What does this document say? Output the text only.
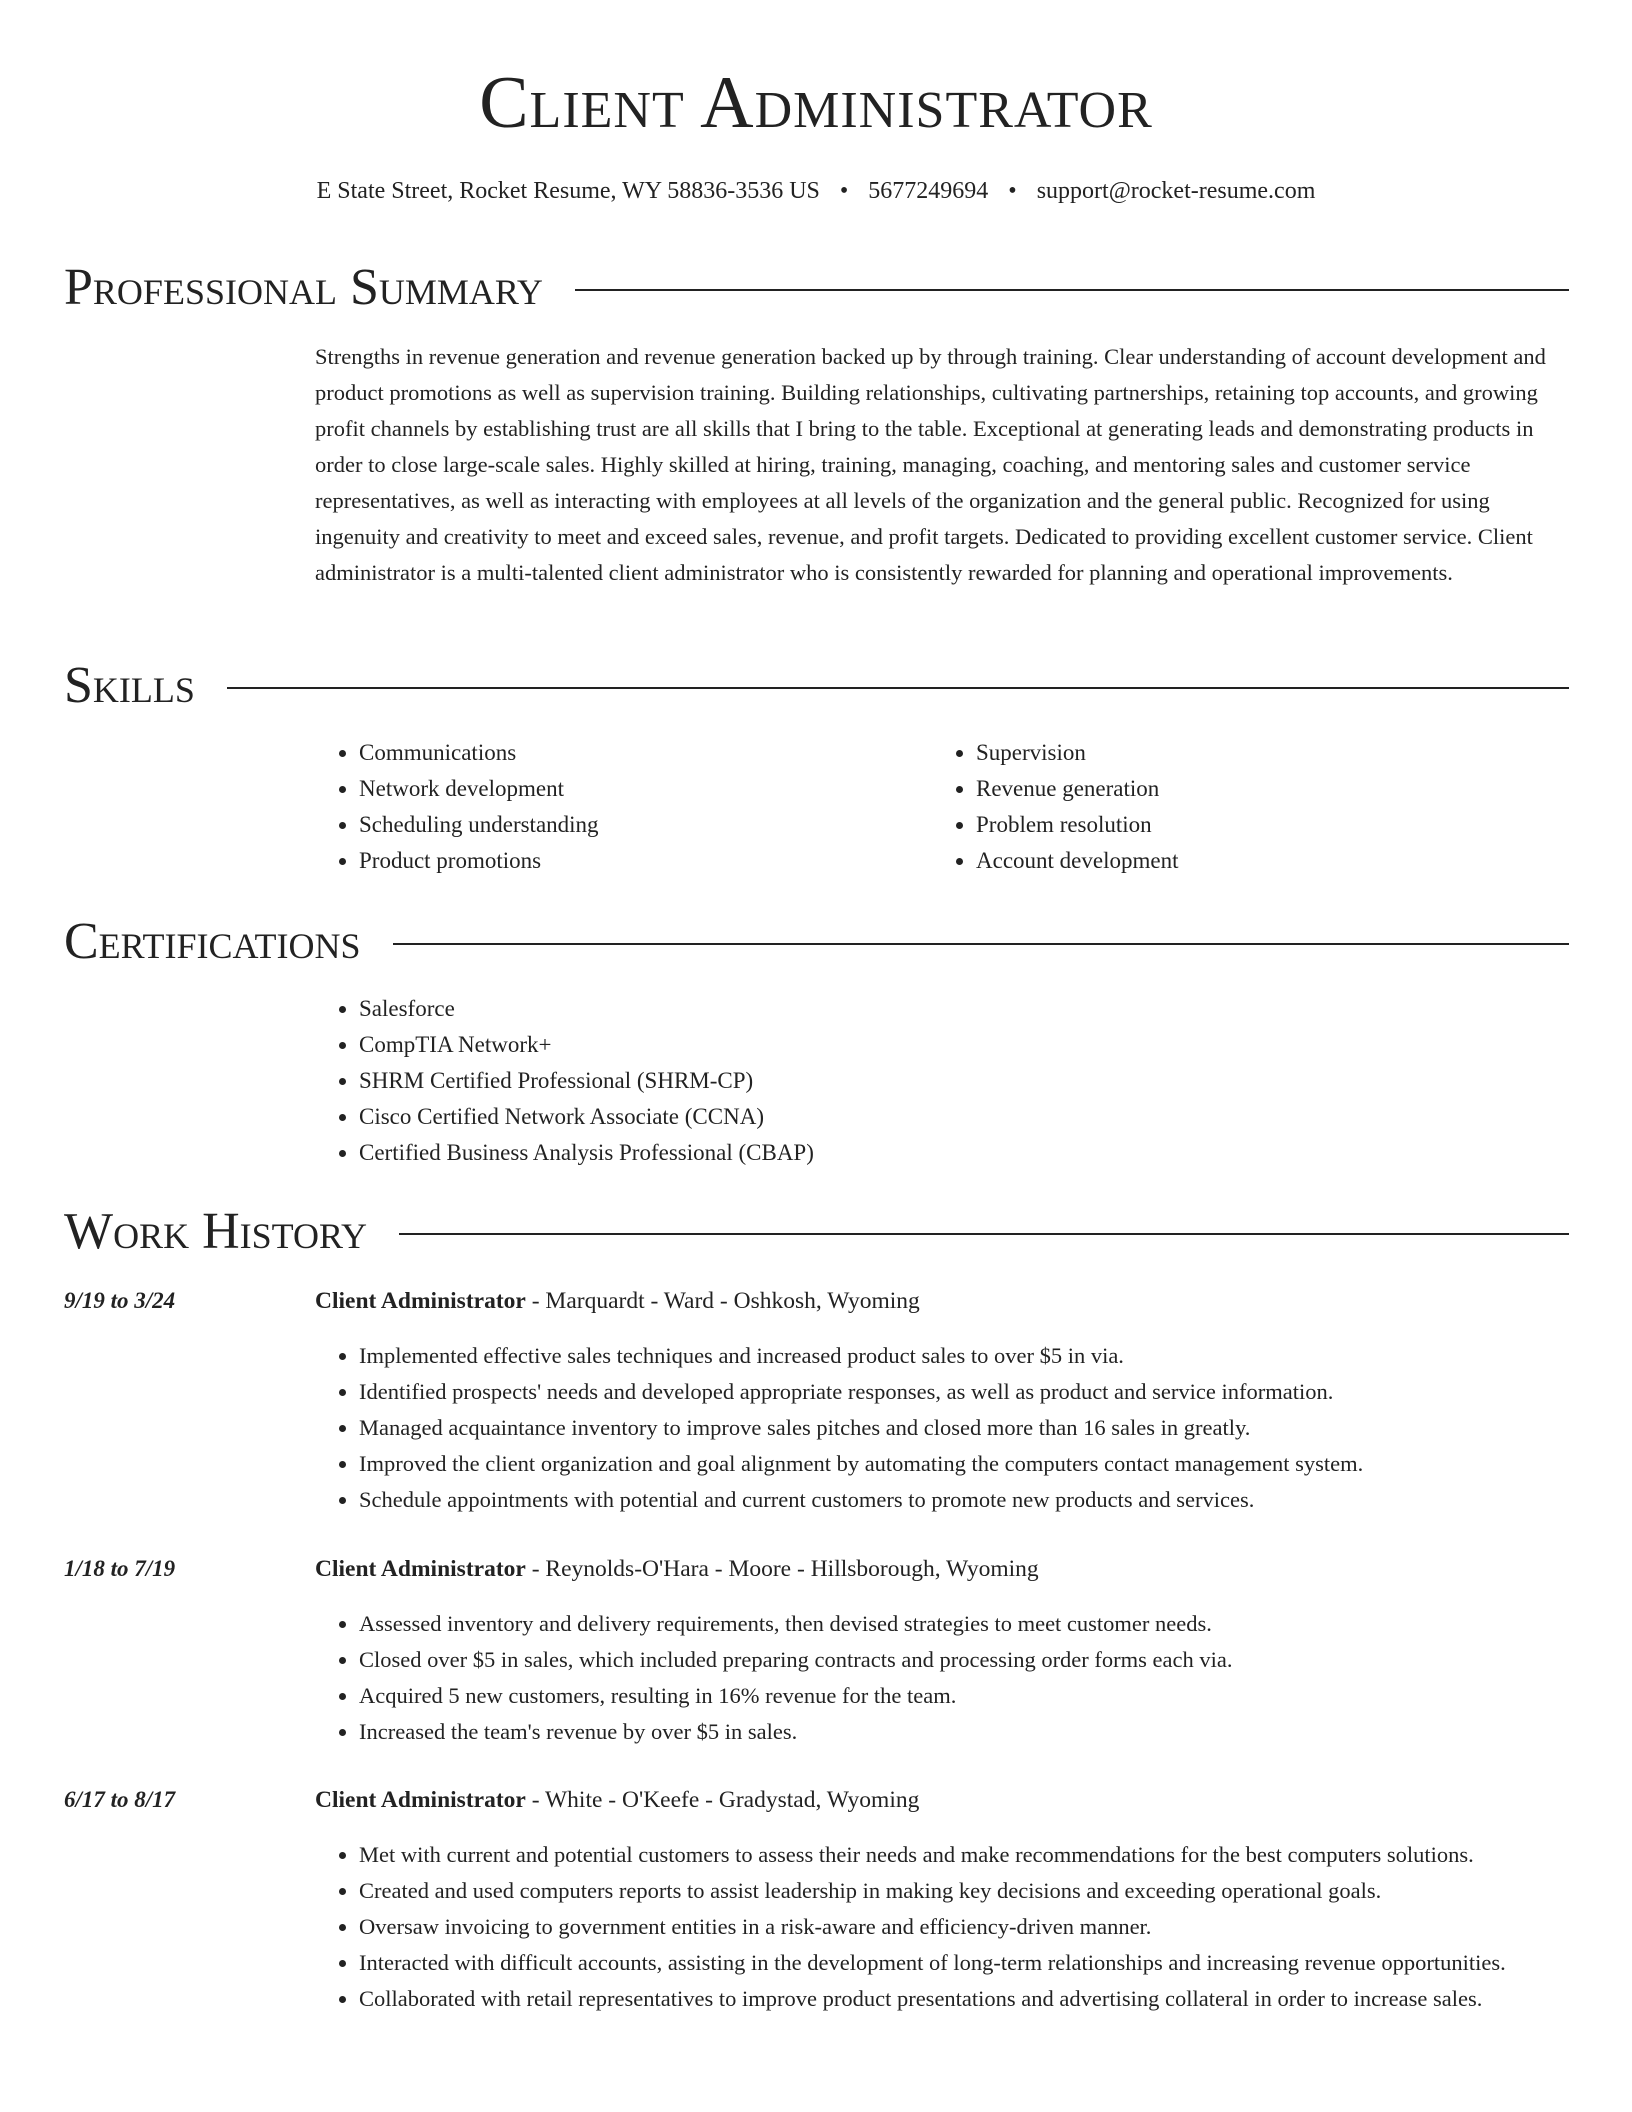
Client Administrator
E State Street, Rocket Resume, WY 58836-3536 US • 5677249694 • support@rocket-resume.com
Professional Summary

Strengths in revenue generation and revenue generation backed up by through training. Clear understanding of account development and product promotions as well as supervision training. Building relationships, cultivating partnerships, retaining top accounts, and growing profit channels by establishing trust are all skills that I bring to the table. Exceptional at generating leads and demonstrating products in order to close large-scale sales. Highly skilled at hiring, training, managing, coaching, and mentoring sales and customer service representatives, as well as interacting with employees at all levels of the organization and the general public. Recognized for using ingenuity and creativity to meet and exceed sales, revenue, and profit targets. Dedicated to providing excellent customer service. Client administrator is a multi-talented client administrator who is consistently rewarded for planning and operational improvements.

Skills
• Communications
• Network development
• Scheduling understanding
• Product promotions
• Supervision
• Revenue generation
• Problem resolution
• Account development
Certifications
• Salesforce
• CompTIA Network+
• SHRM Certified Professional (SHRM-CP)
• Cisco Certified Network Associate (CCNA)
• Certified Business Analysis Professional (CBAP)
Work History
9/19 to 3/24	Client Administrator - Marquardt - Ward - Oshkosh, Wyoming
• Implemented effective sales techniques and increased product sales to over $5 in via.
• Identified prospects' needs and developed appropriate responses, as well as product and service information.
• Managed acquaintance inventory to improve sales pitches and closed more than 16 sales in greatly.
• Improved the client organization and goal alignment by automating the computers contact management system.
• Schedule appointments with potential and current customers to promote new products and services.
1/18 to 7/19	Client Administrator - Reynolds-O'Hara - Moore - Hillsborough, Wyoming
• Assessed inventory and delivery requirements, then devised strategies to meet customer needs.
• Closed over $5 in sales, which included preparing contracts and processing order forms each via.
• Acquired 5 new customers, resulting in 16% revenue for the team.
• Increased the team's revenue by over $5 in sales.
6/17 to 8/17	Client Administrator - White - O'Keefe - Gradystad, Wyoming
• Met with current and potential customers to assess their needs and make recommendations for the best computers solutions.
• Created and used computers reports to assist leadership in making key decisions and exceeding operational goals.
• Oversaw invoicing to government entities in a risk-aware and efficiency-driven manner.
• Interacted with difficult accounts, assisting in the development of long-term relationships and increasing revenue opportunities.
• Collaborated with retail representatives to improve product presentations and advertising collateral in order to increase sales.
